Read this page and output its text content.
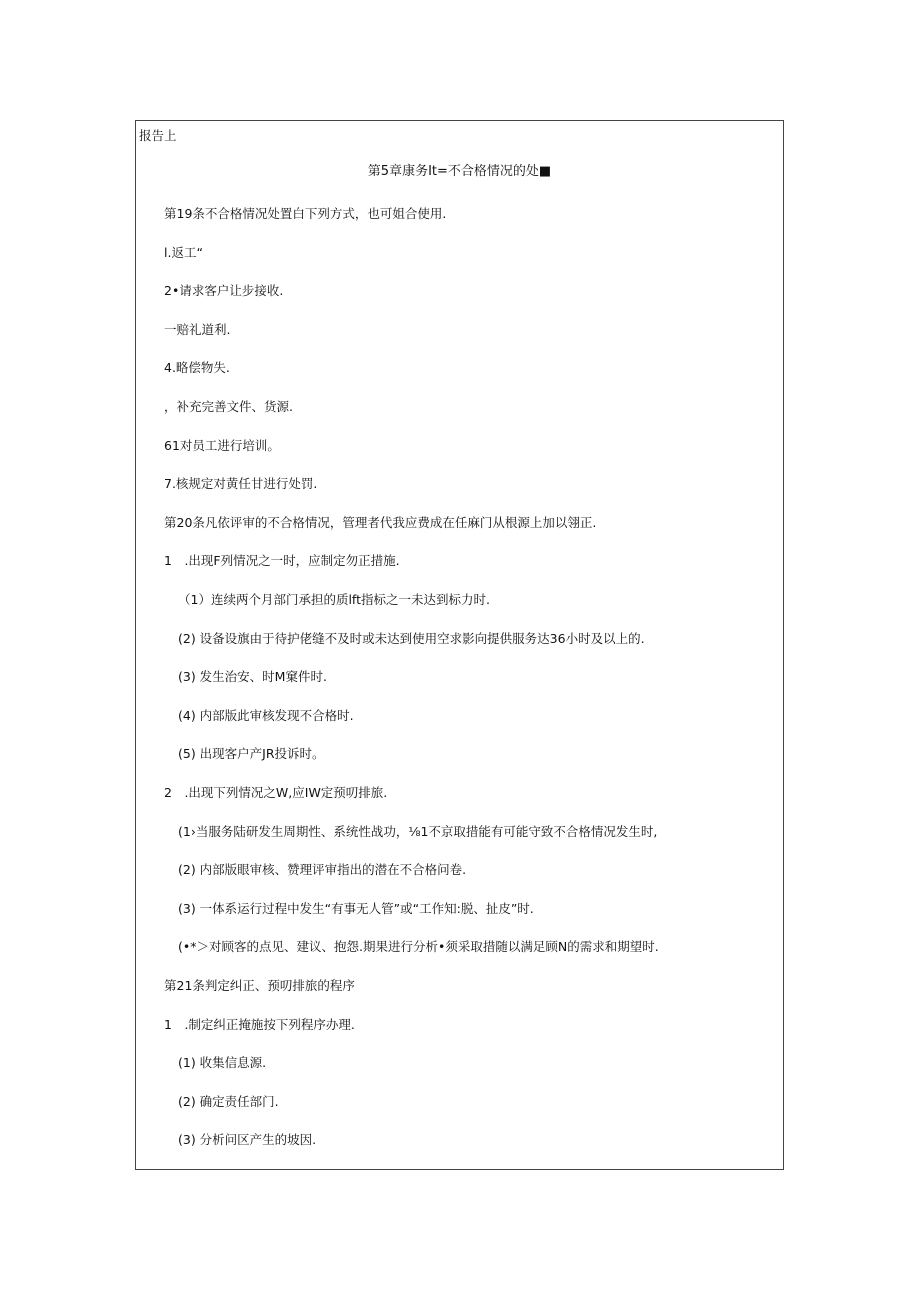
报告上
第5章康务It=不合格情况的处■
第19条不合格情况处置白下列方式，也可姐合使用.
l.返工“
2•请求客户让步接收.
一赔礼道利.
4.略偿物失.
，补充完善文件、货源.
61对员工进行培训。
7.核规定对黄任甘进行处罚.
第20条凡依评审的不合格情况，管理者代我应费成在任麻门从根源上加以翎正.
1　.出现F列情况之一时，应制定勿正措施.
（1）连续两个月部门承担的质lft指标之一未达到标力时.
(2) 设备设旗由于待护佬缝不及时或未达到使用空求影向提供服务达36小时及以上的.
(3) 发生治安、时M窠件时.
(4) 内部版此审核发现不合格时.
(5) 出现客户产JR投诉时。
2　.出现下列情况之W,应IW定预叨排旅.
(1›当服务陆研发生周期性、系统性战功，⅛1不京取措能有可能守致不合格情况发生时,
(2) 内部版眼审核、赞理评审指出的潜在不合格问卷.
(3) 一体系运行过程中发生“有事无人管”或“工作知:脱、扯皮”时.
(•*＞对顾客的点见、建议、抱怨.期果进行分析•须采取措随以满足顾N的需求和期望时.
第21条判定纠正、预叨排旅的程序
1　.制定纠正掩施按下列程序办理.
(1) 收集信息源.
(2) 确定责任部门.
(3) 分析问区产生的坡因.
